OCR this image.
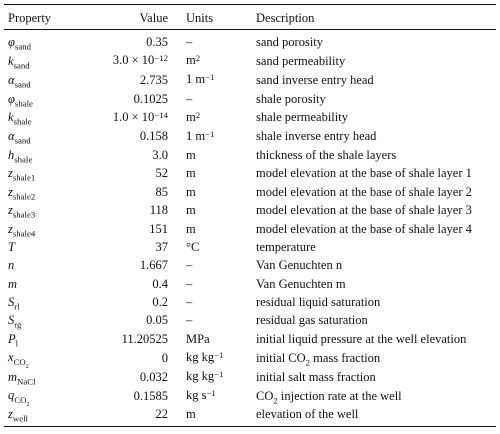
Property	Value	Units	Description
$\varphi_{sand}$	0.35	–	sand porosity
$k_{sand}$	$3.0 \times 10^{-12}$	$m^2$	sand permeability
$\alpha_{sand}$	2.735	1 $m^{-1}$	sand inverse entry head
$\varphi_{shale}$	0.1025	–	shale porosity
$k_{shale}$	$1.0 \times 10^{-14}$	$m^2$	shale permeability
$\alpha_{sand}$	0.158	1 $m^{-1}$	shale inverse entry head
$h_{shale}$	3.0	m	thickness of the shale layers
$z_{shale1}$	52	m	model elevation at the base of shale layer 1
$z_{shale2}$	85	m	model elevation at the base of shale layer 2
$z_{shale3}$	118	m	model elevation at the base of shale layer 3
$z_{shale4}$	151	m	model elevation at the base of shale layer 4
T	37	°C	temperature
n	1.667	–	Van Genuchten n
m	0.4	–	Van Genuchten m
$S_{rl}$	0.2	–	residual liquid saturation
$S_{rg}$	0.05	–	residual gas saturation
$P_l$	11.20525	MPa	initial liquid pressure at the well elevation
$x_{CO_2}$	0	kg $kg^{-1}$	initial $CO_2$ mass fraction
$m_{NaCl}$	0.032	kg $kg^{-1}$	initial salt mass fraction
$q_{CO_2}$	0.1585	kg $s^{-1}$	$CO_2$ injection rate at the well
$z_{well}$	22	m	elevation of the well
